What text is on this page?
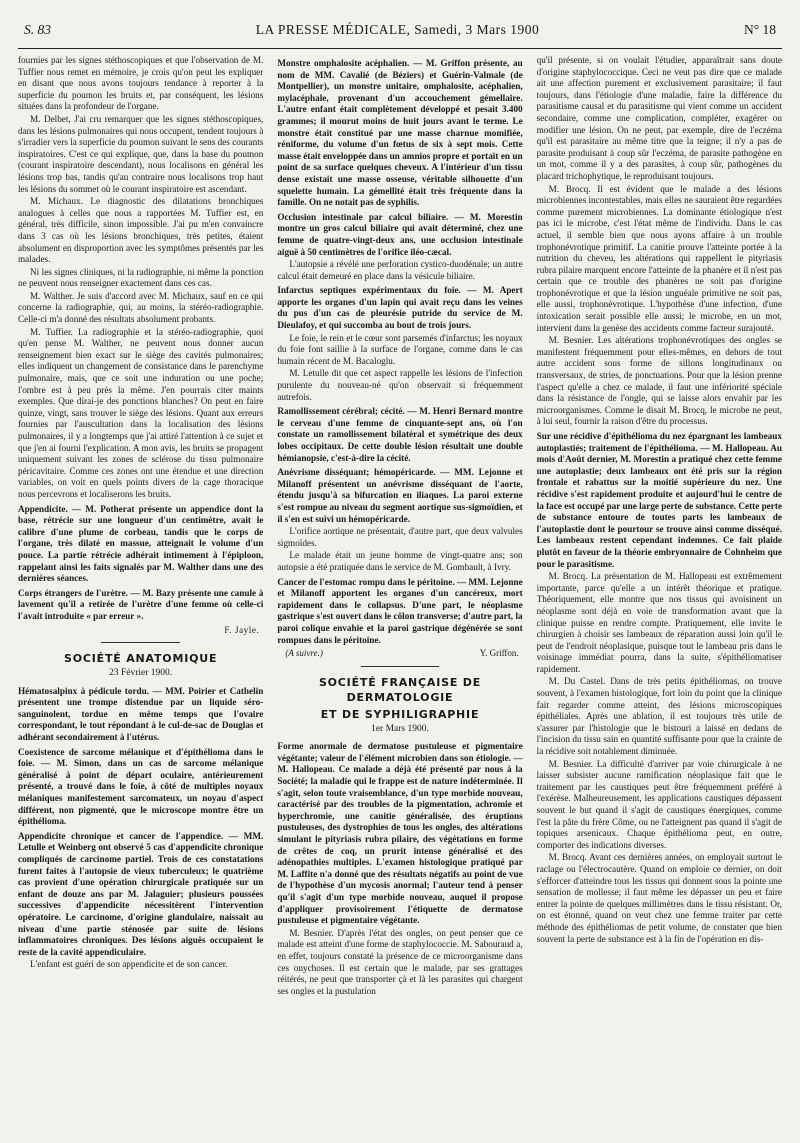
S. 83	LA PRESSE MÉDICALE, Samedi, 3 Mars 1900	N° 18

fournies par les signes stéthoscopiques et que l'observation de M. Tuffier nous remet en mémoire, je crois qu'on peut les expliquer en disant que nous avons toujours tendance à reporter à la superficie du poumon les bruits et, par conséquent, les lésions situées dans la profondeur de l'organe.

M. Delbet, J'ai cru remarquer que les signes stéthoscopiques, dans les lésions pulmonaires qui nous occupent, tendent toujours à s'irradier vers la superficie du poumon suivant le sens des courants inspiratoires. C'est ce qui explique, que, dans la base du poumon (courant inspiratoire descendant), nous localisons en général les lésions trop bas, tandis qu'au contraire nous localisons trop haut les lésions du sommet où le courant inspiratoire est ascendant.

M. Michaux. Le diagnostic des dilatations bronchiques analogues à celles que nous a rapportées M. Tuffier est, en général, très difficile, sinon impossible. J'ai pu m'en convaincre dans 3 cas où les lésions bronchiques, très petites, étaient absolument en disproportion avec les symptômes présentés par les malades.

Ni les signes cliniques, ni la radiographie, ni même la ponction ne peuvent nous renseigner exactement dans ces cas.

M. Walther. Je suis d'accord avec M. Michaux, sauf en ce qui concerne la radiographie, qui, au moins, la stéréo-radiographie. Celle-ci m'a donné des résultats absolument probants.

M. Tuffier. La radiographie et la stéréo-radiographie, quoi qu'en pense M. Walther, ne peuvent nous donner aucun renseignement bien exact sur le siège des cavités pulmonaires; elles indiquent un changement de consistance dans le parenchyme pulmonaire, mais, que ce soit une induration ou une poche; l'ombre est à peu près la même. J'en pourrais citer maints exemples. Que dirai-je des ponctions blanches? On peut en faire quinze, vingt, sans trouver le siège des lésions. Quant aux erreurs fournies par l'auscultation dans la localisation des lésions pulmonaires, il y a longtemps que j'ai attiré l'attention à ce sujet et que j'en ai fourni l'explication. A mon avis, les bruits se propagent uniquement suivant les zones de sclérose du tissu pulmonaire péricavitaire. Comme ces zones ont une étendue et une direction variables, on voit en quels points divers de la cage thoracique nous percevrons et localiserons les bruits.

Appendicite. — M. Potherat présente un appendice dont la base, rétrécie sur une longueur d'un centimètre, avait le calibre d'une plume de corbeau, tandis que le corps de l'organe, très dilaté en massue, atteignait le volume d'un pouce. La partie rétrécie adhérait intimement à l'épiploon, rappelant ainsi les faits signalés par M. Walther dans une des dernières séances.

Corps étrangers de l'urètre. — M. Bazy présente une canule à lavement qu'il a retirée de l'urètre d'une femme où celle-ci l'avait introduite « par erreur ».

F. Jayle.
SOCIÉTÉ ANATOMIQUE
23 Février 1900.

Hématosalpinx à pédicule tordu. — MM. Poirier et Cathelin présentent une trompe distendue par un liquide séro-sanguinolent, tordue en même temps que l'ovaire correspondant, le tout répondant à le cul-de-sac de Douglas et adhérant secondairement à l'utérus.

Coexistence de sarcome mélanique et d'épithélioma dans le foie. — M. Simon, dans un cas de sarcome mélanique généralisé à point de départ oculaire, antérieurement présenté, a trouvé dans le foie, à côté de multiples noyaux mélaniques manifestement sarcomateux, un noyau d'aspect différent, non pigmenté, que le microscope montre être un épithélioma.

Appendicite chronique et cancer de l'appendice. — MM. Letulle et Weinberg ont observé 5 cas d'appendicite chronique compliqués de carcinome partiel. Trois de ces constatations furent faites à l'autopsie de vieux tuberculeux; le quatrième cas provient d'une opération chirurgicale pratiquée sur un enfant de douze ans par M. Jalaguier; plusieurs poussées successives d'appendicite nécessitèrent l'intervention opératoire. Le carcinome, d'origine glandulaire, naissait au niveau d'une partie sténosée par suite de lésions inflammatoires chroniques. Des lésions aiguës occupaient le reste de la cavité appendiculaire.

L'enfant est guéri de son appendicite et de son cancer.

Monstre omphalosite acéphalien. — M. Griffon présente, au nom de MM. Cavalié (de Béziers) et Guérin-Valmale (de Montpellier), un monstre unitaire, omphalosite, acéphalien, mylacéphale, provenant d'un accouchement gémellaire. L'autre enfant était complètement développé et pesait 3.400 grammes; il mourut moins de huit jours avant le terme. Le monstre était constitué par une masse charnue momifiée, réniforme, du volume d'un fœtus de six à sept mois. Cette masse était enveloppée dans un amnios propre et portait en un point de sa surface quelques cheveux. A l'intérieur d'un tissu dense existait une masse osseuse, véritable silhouette d'un squelette humain. La gémellité était très fréquente dans la famille. On ne notait pas de syphilis.

Occlusion intestinale par calcul biliaire. — M. Morestin montre un gros calcul biliaire qui avait déterminé, chez une femme de quatre-vingt-deux ans, une occlusion intestinale aiguë à 50 centimètres de l'orifice iléo-cæcal.

L'autopsie a révélé une perforation cystico-duodénale; un autre calcul était demeuré en place dans la vésicule biliaire.

Infarctus septiques expérimentaux du foie. — M. Apert apporte les organes d'un lapin qui avait reçu dans les veines du pus d'un cas de pleurésie putride du service de M. Dieulafoy, et qui succomba au bout de trois jours.

Le foie, le rein et le cœur sont parsemés d'infarctus; les noyaux du foie font saillie à la surface de l'organe, comme dans le cas humain récent de M. Bacaloglu.

M. Letulle dit que cet aspect rappelle les lésions de l'infection purulente du nouveau-né qu'on observait si fréquemment autrefois.

Ramollissement cérébral; cécité. — M. Henri Bernard montre le cerveau d'une femme de cinquante-sept ans, où l'on constate un ramollissement bilatéral et symétrique des deux lobes occipitaux. De cette double lésion résultait une double hémianopsie, c'est-à-dire la cécité.

Anévrisme disséquant; hémopéricarde. — MM. Lejonne et Milanoff présentent un anévrisme disséquant de l'aorte, étendu jusqu'à sa bifurcation en iliaques. La paroi externe s'est rompue au niveau du segment aortique sus-sigmoïdien, et il s'en est suivi un hémopéricarde.

L'orifice aortique ne présentait, d'autre part, que deux valvules sigmoïdes.

Le malade était un jeune homme de vingt-quatre ans; son autopsie a été pratiquée dans le service de M. Gombault, à Ivry.

Cancer de l'estomac rompu dans le péritoine. — MM. Lejonne et Milanoff apportent les organes d'un cancéreux, mort rapidement dans le collapsus. D'une part, le néoplasme gastrique s'est ouvert dans le côlon transverse; d'autre part, la paroi colique envahie et la paroi gastrique dégénérée se sont rompues dans le péritoine.

(A suivre.)	Y. Griffon.
SOCIÉTÉ FRANÇAISE DE DERMATOLOGIE
ET DE SYPHILIGRAPHIE
1er Mars 1900.

Forme anormale de dermatose pustuleuse et pigmentaire végétante; valeur de l'élément microbien dans son étiologie. — M. Hallopeau. Ce malade a déjà été présenté par nous à la Société; la maladie qui le frappe est de nature indéterminée. Il s'agit, selon toute vraisemblance, d'un type morbide nouveau, caractérisé par des troubles de la pigmentation, achromie et hyperchromie, une canitie généralisée, des éruptions pustuleuses, des dystrophies de tous les ongles, des altérations simulant le pityriasis rubra pilaire, des végétations en forme de crêtes de coq, un prurit intense généralisé et des adénopathies multiples. L'examen histologique pratiqué par M. Laffite n'a donné que des résultats négatifs au point de vue de l'hypothèse d'un mycosis anormal; l'auteur tend à penser qu'il s'agit d'un type morbide nouveau, auquel il propose d'appliquer provisoirement l'étiquette de dermatose pustuleuse et pigmentaire végétante.

M. Besnier. D'après l'état des ongles, on peut penser que ce malade est atteint d'une forme de staphylococcie. M. Sabouraud a, en effet, toujours constaté la présence de ce microorganisme dans ces onychoses. Il est certain que le malade, par ses grattages réitérés, ne peut que transporter çà et là les parasites qui chargent ses ongles et la pustulation

qu'il présente, si on voulait l'étudier, apparaîtrait sans doute d'origine staphylococcique. Ceci ne veut pas dire que ce malade ait une affection purement et exclusivement parasitaire; il faut toujours, dans l'étiologie d'une maladie, faire la différence du parasitisme causal et du parasitisme qui vient comme un accident secondaire, comme une complication, compléter, exagérer ou modifier une lésion. On ne peut, par exemple, dire de l'eczéma qu'il est parasitaire au même titre que la teigne; il n'y a pas de parasite produisant à coup sûr l'eczéma, de parasite pathogène en un mot, comme il y a des parasites, à coup sûr, pathogènes du placard trichophytique, le reproduisant toujours.

M. Brocq. Il est évident que le malade a des lésions microbiennes incontestables, mais elles ne sauraient être regardées comme purement microbiennes. La dominante étiologique n'est pas ici le microbe, c'est l'état même de l'individu. Dans le cas actuel, il semble bien que nous ayons affaire à un trouble trophonévrotique primitif. La canitie prouve l'atteinte portée à la nutrition du cheveu, les altérations qui rappellent le pityriasis rubra pilaire marquent encore l'atteinte de la phanère et il n'est pas certain que ce trouble des phanères ne soit pas d'origine trophonévrotique et que la lésion unguéale primitive ne soit pas, elle aussi, trophonévrotique. L'hypothèse d'une infection, d'une intoxication serait possible elle aussi; le microbe, en un mot, intervient dans la genèse des accidents comme facteur surajouté.

M. Besnier. Les altérations trophonévrotiques des ongles se manifestent fréquemment pour elles-mêmes, en dehors de tout autre accident sous forme de sillons longitudinaux ou transversaux, de stries, de ponctuations. Pour que la lésion prenne l'aspect qu'elle a chez ce malade, il faut une infériorité spéciale dans la résistance de l'ongle, qui se laisse alors envahir par les microorganismes. Comme le disait M. Brocq, le microbe ne peut, à lui seul, fournir la raison d'être du processus.

Sur une récidive d'épithélioma du nez épargnant les lambeaux autoplastiés; traitement de l'épithélioma. — M. Hallopeau. Au mois d'Août dernier, M. Morestin a pratiqué chez cette femme une autoplastie; deux lambeaux ont été pris sur la région frontale et rabattus sur la moitié supérieure du nez. Une récidive s'est rapidement produite et aujourd'hui le centre de la face est occupé par une large perte de substance. Cette perte de substance entoure de toutes parts les lambeaux de l'autoplastie dont le pourtour se trouve ainsi comme disséqué. Les lambeaux restent cependant indemnes. Ce fait plaide plutôt en faveur de la théorie embryonnaire de Cohnheim que pour le parasitisme.

M. Brocq. La présentation de M. Hallopeau est extrêmement importante, parce qu'elle a un intérêt théorique et pratique. Théoriquement, elle montre que nos tissus qui avoisinent un néoplasme sont déjà en voie de transformation avant que la clinique puisse en rendre compte. Pratiquement, elle invite le chirurgien à choisir ses lambeaux de réparation aussi loin qu'il le peut de l'endroit néoplasique, puisque tout le lambeau pris dans le voisinage immédiat pourra, dans la suite, s'épithéliomatiser rapidement.

M. Du Castel. Dans de très petits épithéliomas, on trouve souvent, à l'examen histologique, fort loin du point que la clinique fait regarder comme atteint, des lésions microscopiques épithéliales. Après une ablation, il est toujours très utile de s'assurer par l'histologie que le bistouri a laissé en dedans de l'incision du tissu sain en quantité suffisante pour que la crainte de la récidive soit notablement diminuée.

M. Besnier. La difficulté d'arriver par voie chirurgicale à ne laisser subsister aucune ramification néoplasique fait que le traitement par les caustiques peut être fréquemment préféré à l'exérèse. Malheureusement, les applications caustiques dépassent souvent le but quand il s'agit de caustiques énergiques, comme l'est la pâte du frère Côme, ou ne l'atteignent pas quand il s'agit de topiques arsenicaux. Chaque épithélioma peut, en outre, comporter des indications diverses.

M. Brocq. Avant ces dernières années, on employait surtout le raclage ou l'électrocautère. Quand on emploie ce dernier, on doit s'efforcer d'atteindre tous les tissus qui donnent sous la pointe une sensation de mollesse; il faut même les dépasser un peu et faire entrer la pointe de quelques millimètres dans le tissu résistant. Or, on est étonné, quand on veut chez une femme traiter par cette méthode des épithéliomas de petit volume, de constater que bien souvent la perte de substance est à la fin de l'opération en dis-
